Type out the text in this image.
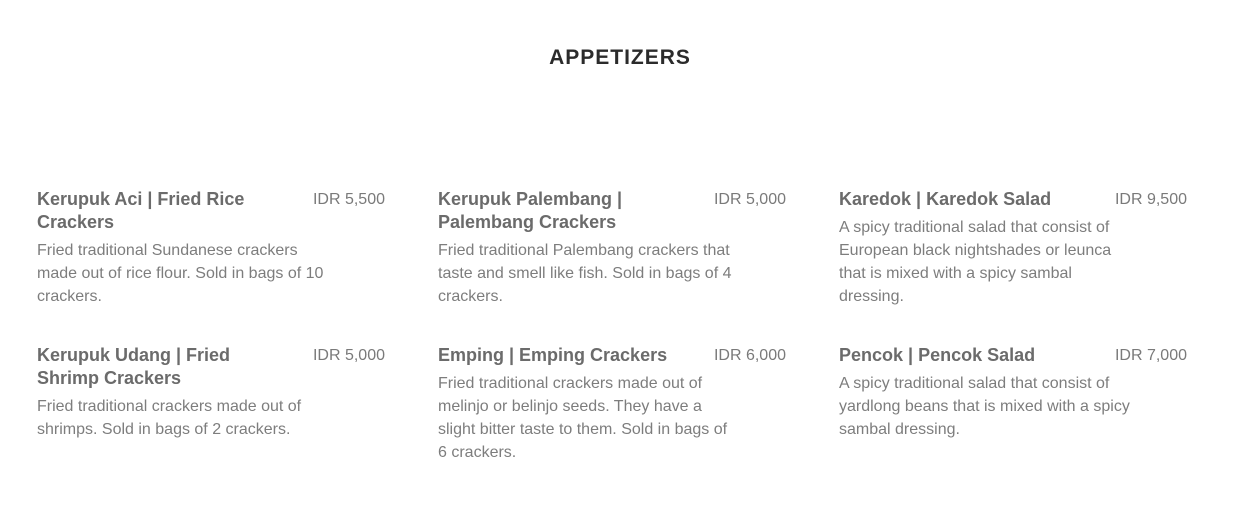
APPETIZERS
Kerupuk Aci | Fried Rice Crackers
IDR 5,500

Fried traditional Sundanese crackers made out of rice flour. Sold in bags of 10 crackers.

Kerupuk Palembang | Palembang Crackers
IDR 5,000

Fried traditional Palembang crackers that taste and smell like fish. Sold in bags of 4 crackers.

Karedok | Karedok Salad	IDR 9,500

A spicy traditional salad that consist of European black nightshades or leunca that is mixed with a spicy sambal dressing.

Kerupuk Udang | Fried Shrimp Crackers
IDR 5,000

Fried traditional crackers made out of shrimps. Sold in bags of 2 crackers.

Emping | Emping Crackers	IDR 6,000

Fried traditional crackers made out of melinjo or belinjo seeds. They have a slight bitter taste to them. Sold in bags of 6 crackers.

Pencok | Pencok Salad	IDR 7,000

A spicy traditional salad that consist of yardlong beans that is mixed with a spicy sambal dressing.
